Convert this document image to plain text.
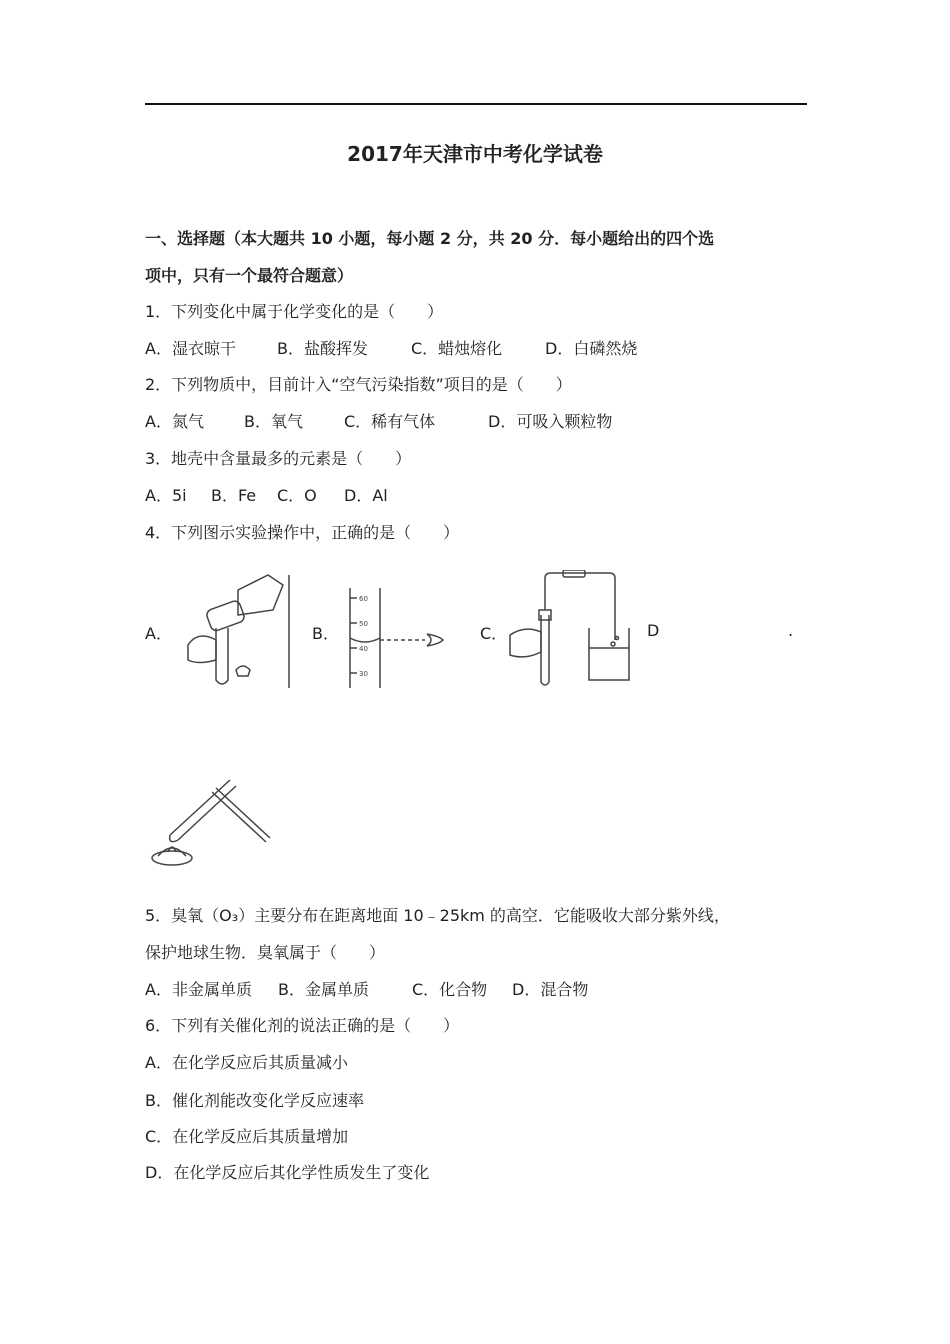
2017年天津市中考化学试卷
一、选择题（本大题共 10 小题，每小题 2 分，共 20 分．每小题给出的四个选
项中，只有一个最符合题意）
1．下列变化中属于化学变化的是（　　）
A．湿衣晾干	B．盐酸挥发	C．蜡烛熔化	D．白磷然烧
2．下列物质中，目前计入“空气污染指数”项目的是（　　）
A．氮气	B．氧气	C．稀有气体	D．可吸入颗粒物
3．地壳中含量最多的元素是（　　）
A．5i B．Fe C．O D．Al
4．下列图示实验操作中，正确的是（　　）
A．	B．	C．	D	.
60
50
40
30
5．臭氧（O₃）主要分布在距离地面 10﹣25km 的高空．它能吸收大部分紫外线，
保护地球生物．臭氧属于（　　）
A．非金属单质 B．金属单质	C．化合物 D．混合物
6．下列有关催化剂的说法正确的是（　　）
A．在化学反应后其质量减小
B．催化剂能改变化学反应速率
C．在化学反应后其质量增加
D．在化学反应后其化学性质发生了变化
